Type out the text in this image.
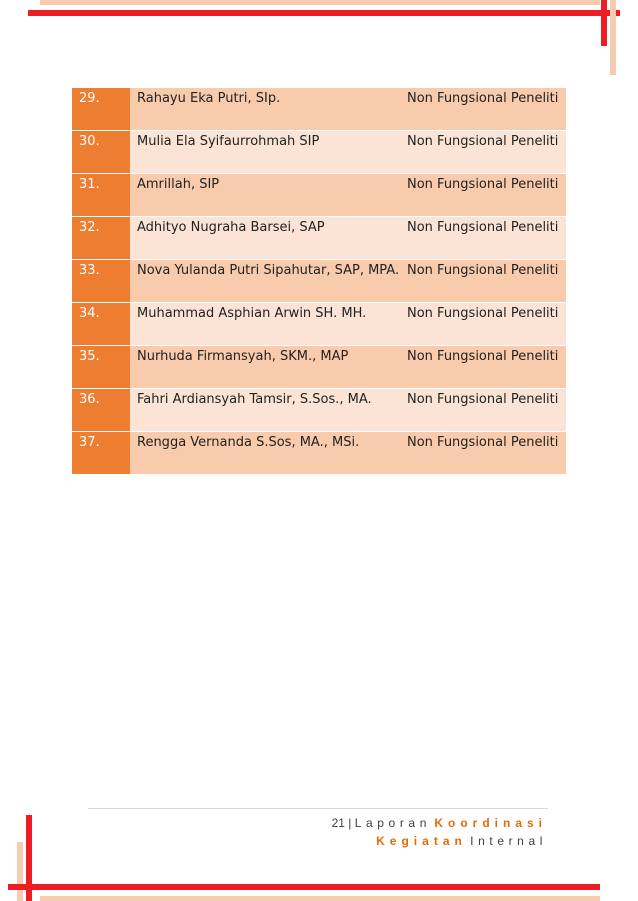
29.	Rahayu Eka Putri, SIp.	Non Fungsional Peneliti
30.	Mulia Ela Syifaurrohmah SIP	Non Fungsional Peneliti
31.	Amrillah, SIP	Non Fungsional Peneliti
32.	Adhityo Nugraha Barsei, SAP	Non Fungsional Peneliti
33.	Nova Yulanda Putri Sipahutar, SAP, MPA.	Non Fungsional Peneliti
34.	Muhammad Asphian Arwin SH. MH.	Non Fungsional Peneliti
35.	Nurhuda Firmansyah, SKM., MAP	Non Fungsional Peneliti
36.	Fahri Ardiansyah Tamsir, S.Sos., MA.	Non Fungsional Peneliti
37.	Rengga Vernanda S.Sos, MA., MSi.	Non Fungsional Peneliti
21 | Laporan Koordinasi
Kegiatan Internal
